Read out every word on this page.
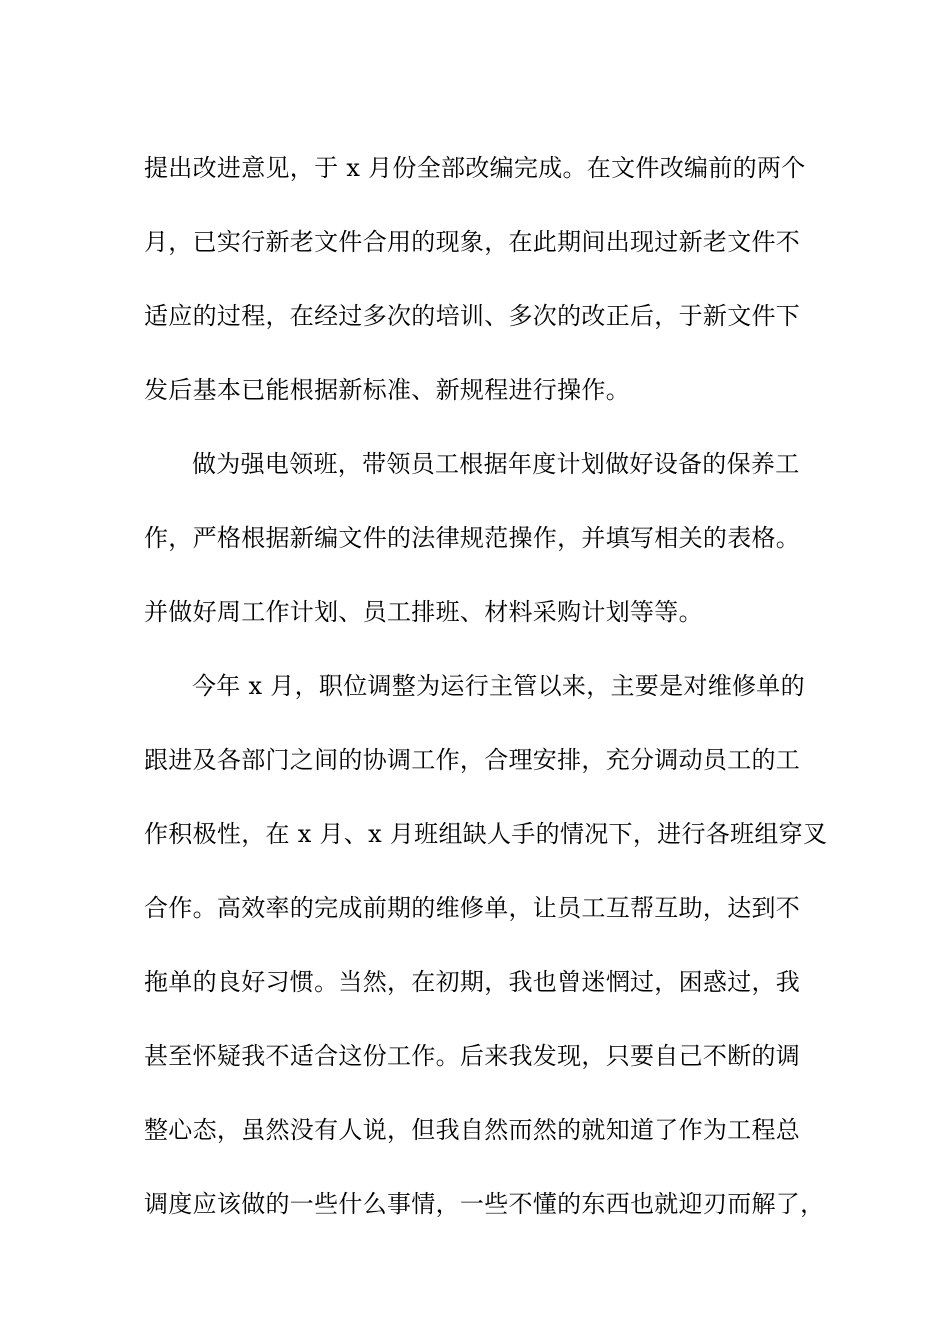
提出改进意见，于 x 月份全部改编完成。在文件改编前的两个
月，已实行新老文件合用的现象，在此期间出现过新老文件不
适应的过程，在经过多次的培训、多次的改正后，于新文件下
发后基本已能根据新标准、新规程进行操作。
做为强电领班，带领员工根据年度计划做好设备的保养工
作，严格根据新编文件的法律规范操作，并填写相关的表格。
并做好周工作计划、员工排班、材料采购计划等等。
今年 x 月，职位调整为运行主管以来，主要是对维修单的
跟进及各部门之间的协调工作，合理安排，充分调动员工的工
作积极性，在 x 月、x 月班组缺人手的情况下，进行各班组穿叉
合作。高效率的完成前期的维修单，让员工互帮互助，达到不
拖单的良好习惯。当然，在初期，我也曾迷惘过，困惑过，我
甚至怀疑我不适合这份工作。后来我发现，只要自己不断的调
整心态，虽然没有人说，但我自然而然的就知道了作为工程总
调度应该做的一些什么事情，一些不懂的东西也就迎刃而解了，
